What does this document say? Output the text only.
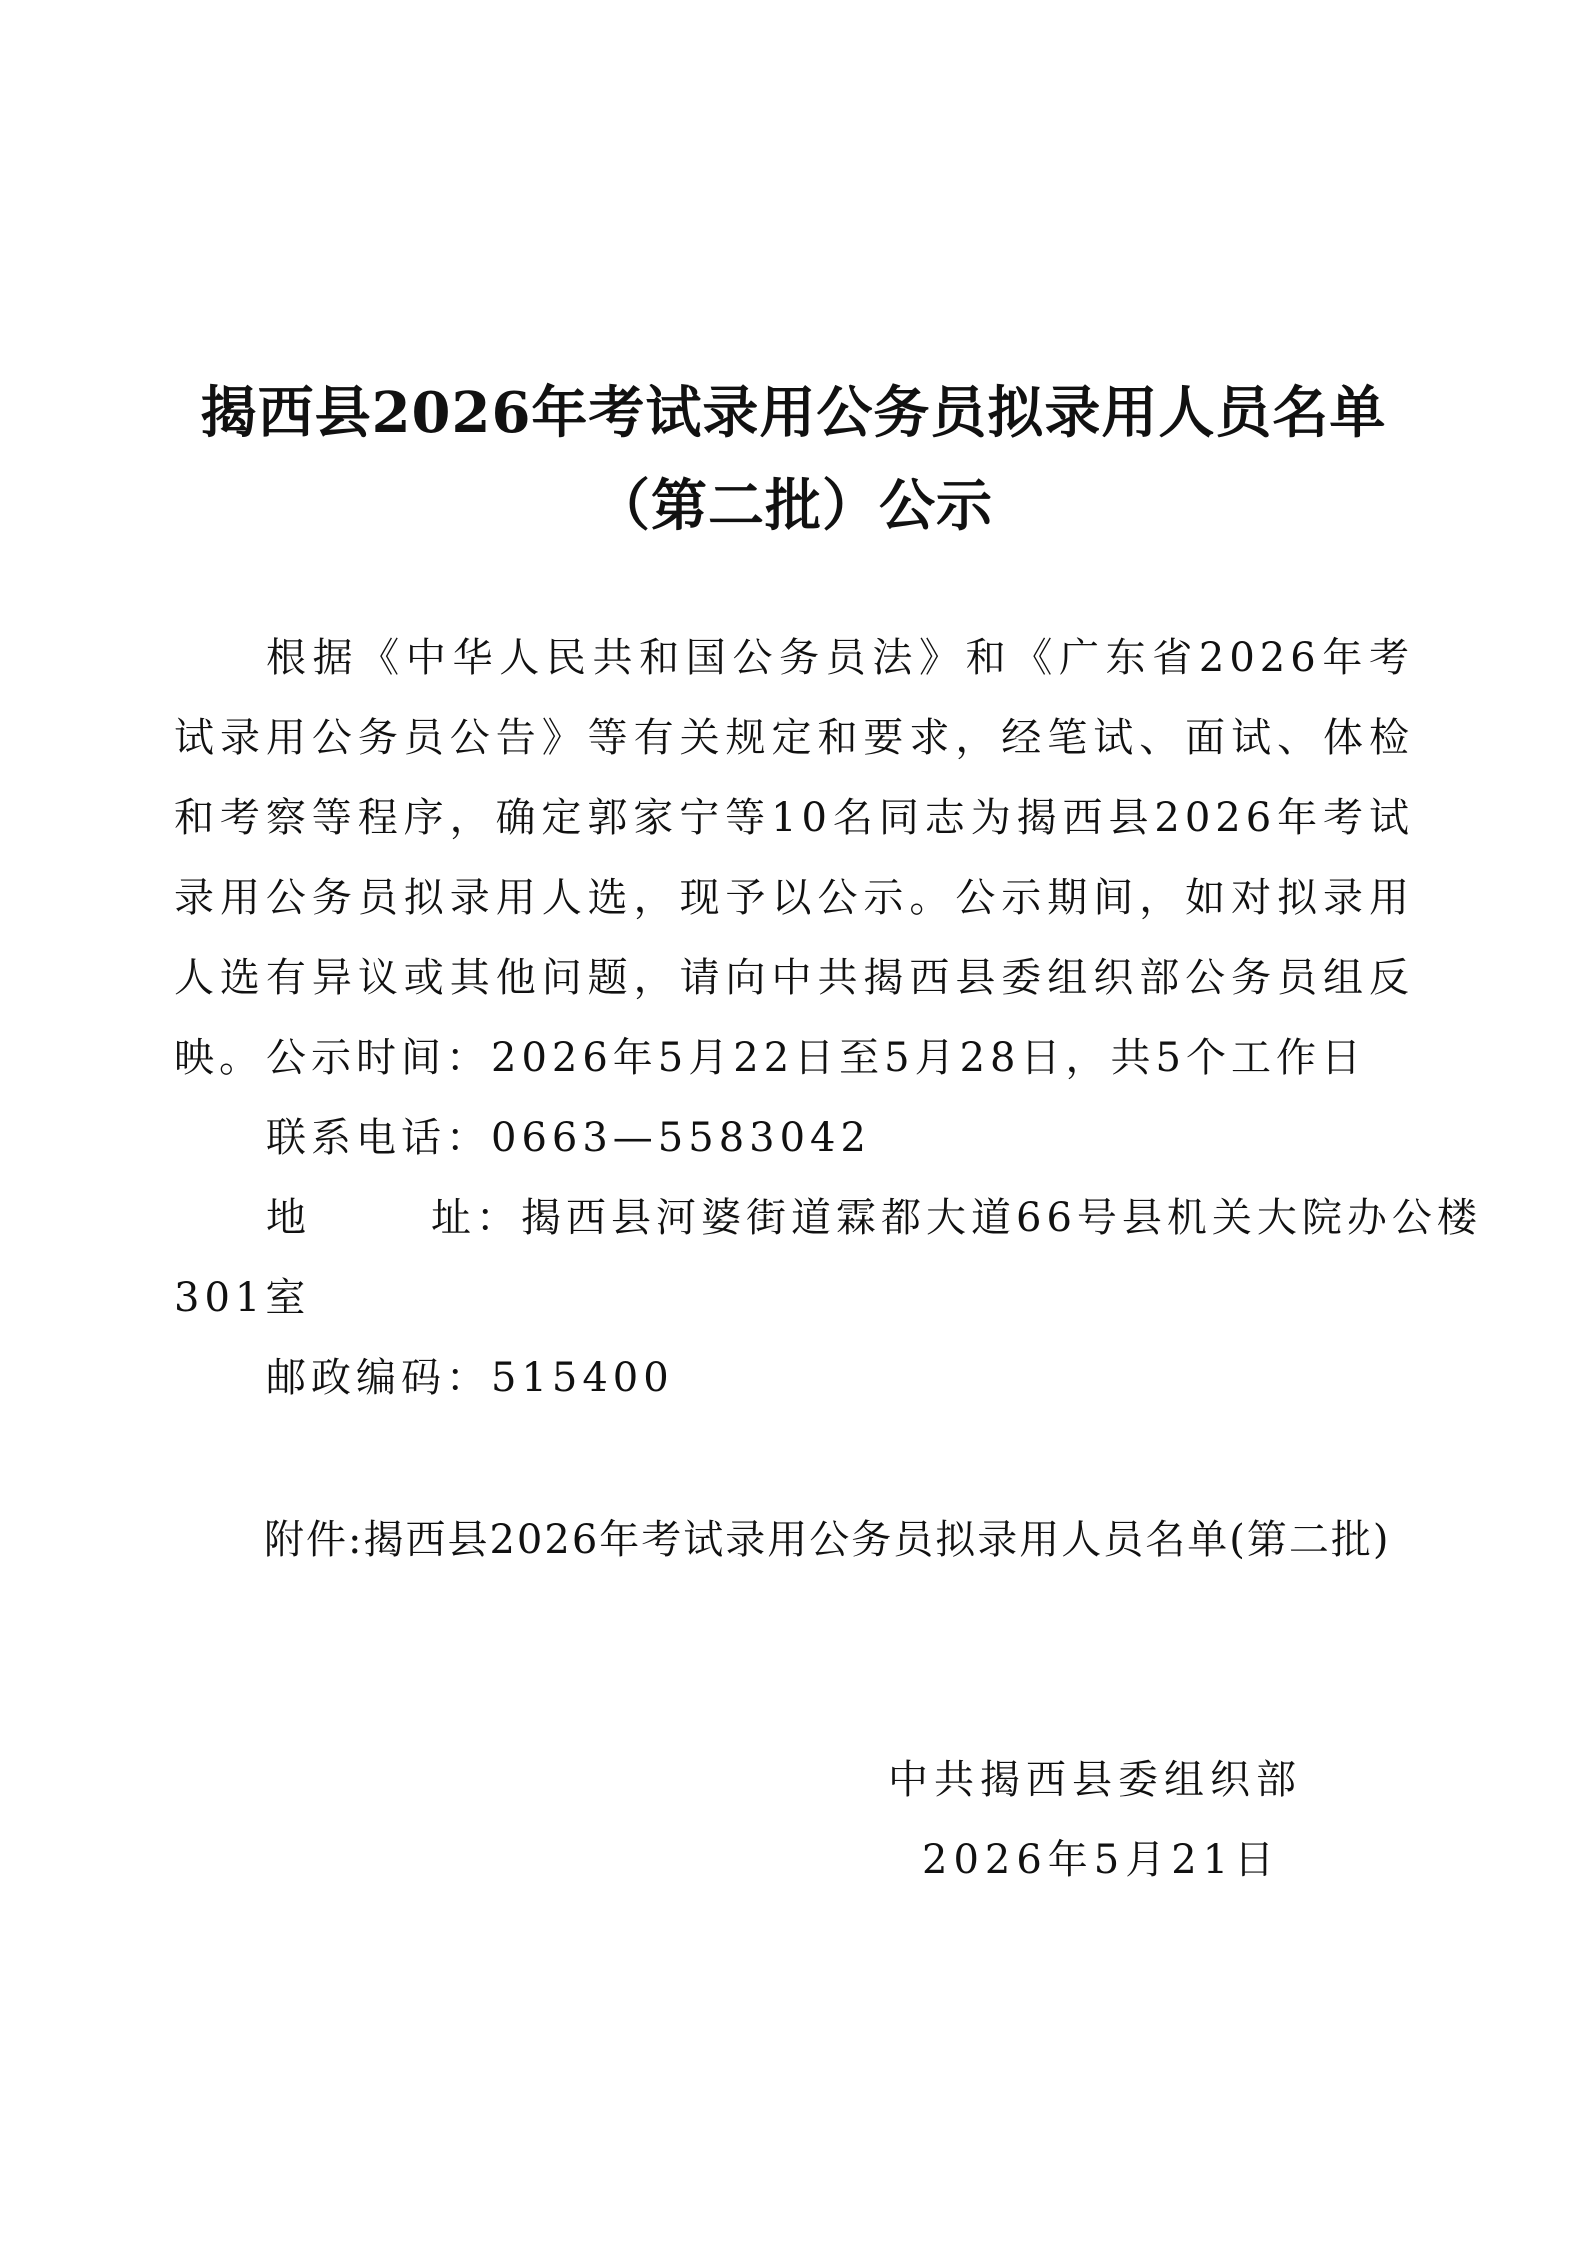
揭西县2026年考试录用公务员拟录用人员名单
（第二批）公示

根据《中华人民共和国公务员法》和《广东省2026年考试录用公务员公告》等有关规定和要求，经笔试、面试、体检和考察等程序，确定郭家宁等10名同志为揭西县2026年考试录用公务员拟录用人选，现予以公示。公示期间，如对拟录用人选有异议或其他问题，请向中共揭西县委组织部公务员组反映。 公示时间：2026年5月22日至5月28日，共5个工作日
联系电话：0663—5583042
地	址：揭西县河婆街道霖都大道66号县机关大院办公楼
301室
邮政编码：515400
附件:揭西县2026年考试录用公务员拟录用人员名单(第二批)
中共揭西县委组织部
2026年5月21日
